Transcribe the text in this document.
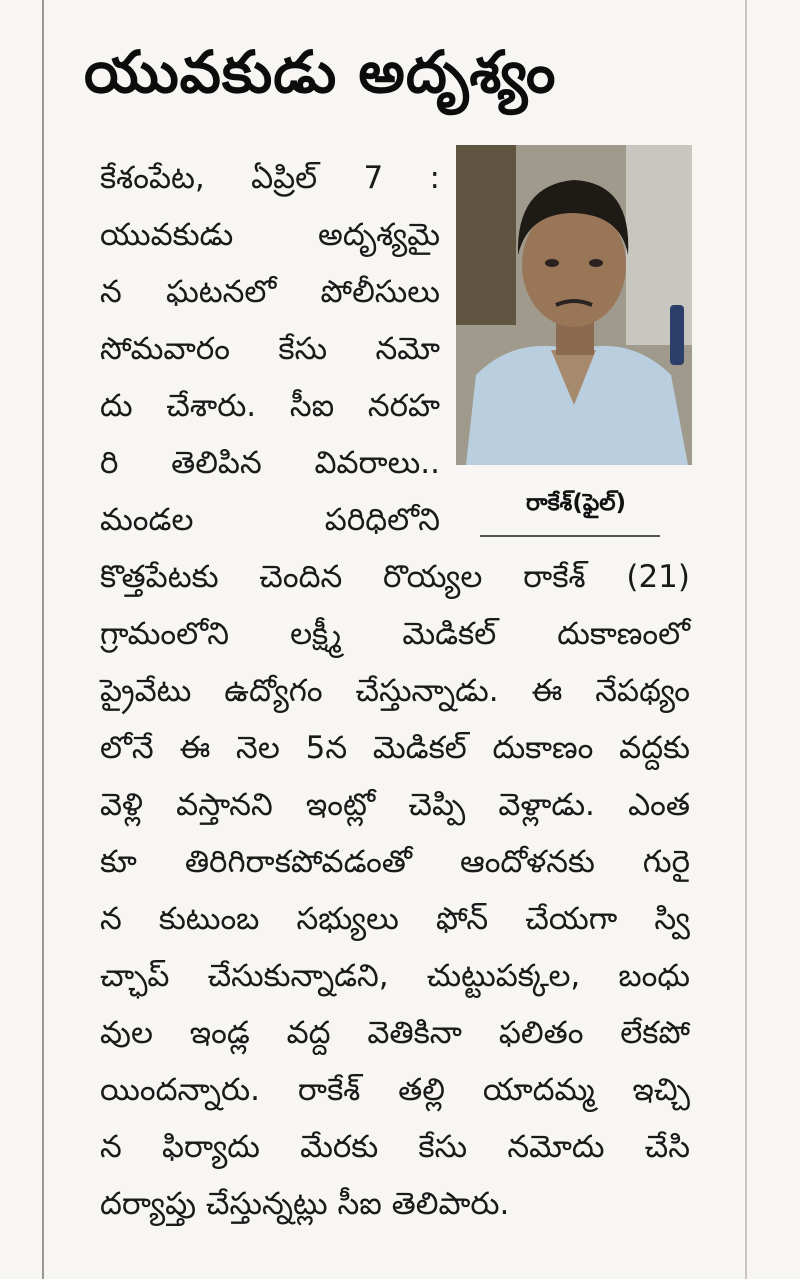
యువకుడు అదృశ్యం
కేశంపేట, ఏప్రిల్ 7 :
యువకుడు అదృశ్యమై
న ఘటనలో పోలీసులు
సోమవారం కేసు నమో
దు చేశారు. సీఐ నరహ
రి తెలిపిన వివరాలు..
మండల పరిధిలోని	రాకేశ్(ఫైల్)
కొత్తపేటకు చెందిన రొయ్యల రాకేశ్ (21)
గ్రామంలోని లక్ష్మీ మెడికల్ దుకాణంలో
ప్రైవేటు ఉద్యోగం చేస్తున్నాడు. ఈ నేపథ్యం
లోనే ఈ నెల 5న మెడికల్ దుకాణం వద్దకు
వెళ్లి వస్తానని ఇంట్లో చెప్పి వెళ్లాడు. ఎంత
కూ తిరిగిరాకపోవడంతో ఆందోళనకు గురై
న కుటుంబ సభ్యులు ఫోన్ చేయగా స్వి
చ్ఛాప్ చేసుకున్నాడని, చుట్టుపక్కల, బంధు
వుల ఇండ్ల వద్ద వెతికినా ఫలితం లేకపో
యిందన్నారు. రాకేశ్ తల్లి యాదమ్మ ఇచ్చి
న ఫిర్యాదు మేరకు కేసు నమోదు చేసి
దర్యాప్తు చేస్తున్నట్లు సీఐ తెలిపారు.
